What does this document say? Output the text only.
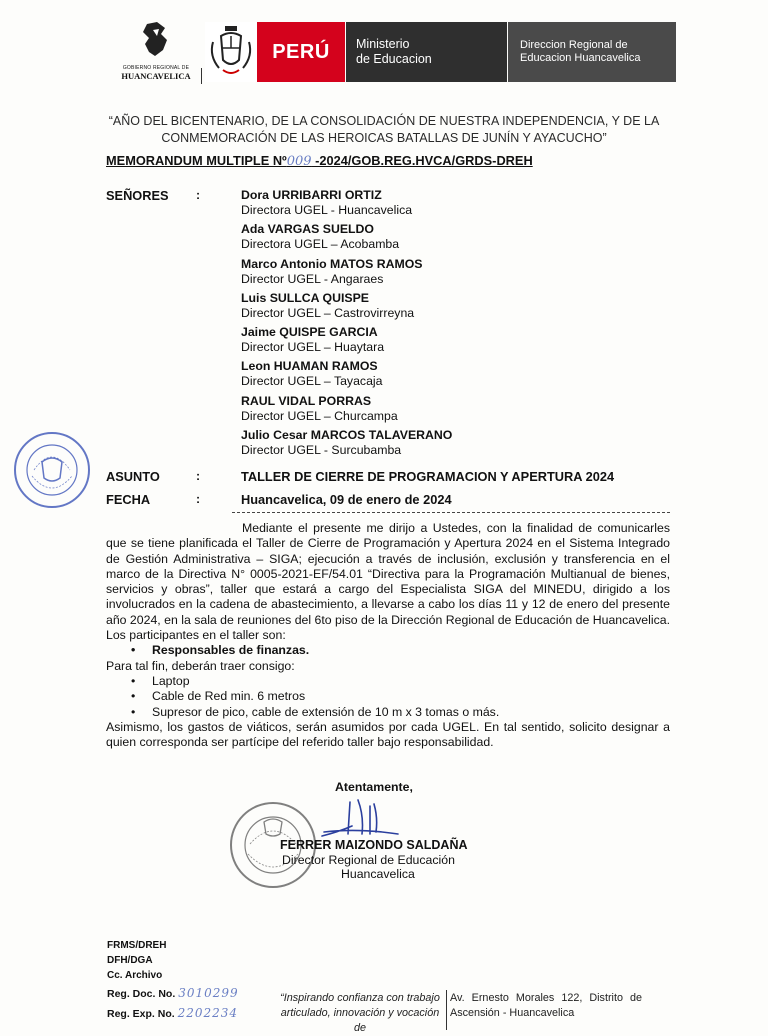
GOBIERNO REGIONAL DE
HUANCAVELICA
PERÚ	Ministerio
de Educacion
Direccion Regional de
Educacion Huancavelica
“AÑO DEL BICENTENARIO, DE LA CONSOLIDACIÓN DE NUESTRA INDEPENDENCIA, Y DE LA
CONMEMORACIÓN DE LAS HEROICAS BATALLAS DE JUNÍN Y AYACUCHO”
MEMORANDUM MULTIPLE Nº009 -2024/GOB.REG.HVCA/GRDS-DREH
SEÑORES :	Dora URRIBARRI ORTIZ
Directora UGEL - Huancavelica
Ada VARGAS SUELDO
Directora UGEL – Acobamba
Marco Antonio MATOS RAMOS
Director UGEL - Angaraes
Luis SULLCA QUISPE
Director UGEL – Castrovirreyna
Jaime QUISPE GARCIA
Director UGEL – Huaytara
Leon HUAMAN RAMOS
Director UGEL – Tayacaja
RAUL VIDAL PORRAS
Director UGEL – Churcampa
Julio Cesar MARCOS TALAVERANO
Director UGEL - Surcubamba
ASUNTO	:	TALLER DE CIERRE DE PROGRAMACION Y APERTURA 2024
FECHA	:	Huancavelica, 09 de enero de 2024
Mediante el presente me dirijo a Ustedes, con la finalidad de comunicarles que se tiene planificada el Taller de Cierre de Programación y Apertura 2024 en el Sistema Integrado de Gestión Administrativa – SIGA; ejecución a través de inclusión, exclusión y transferencia en el marco de la Directiva N° 0005-2021-EF/54.01 “Directiva para la Programación Multianual de bienes, servicios y obras”, taller que estará a cargo del Especialista SIGA del MINEDU, dirigido a los involucrados en la cadena de abastecimiento, a llevarse a cabo los días 11 y 12 de enero del presente año 2024, en la sala de reuniones del 6to piso de la Dirección Regional de Educación de Huancavelica.
Los participantes en el taller son:
• Responsables de finanzas.
Para tal fin, deberán traer consigo:
• Laptop
• Cable de Red min. 6 metros
• Supresor de pico, cable de extensión de 10 m x 3 tomas o más.
Asimismo, los gastos de viáticos, serán asumidos por cada UGEL. En tal sentido, solicito designar a quien corresponda ser partícipe del referido taller bajo responsabilidad.
Atentamente,
FERRER MAIZONDO SALDAÑA
Director Regional de Educación
Huancavelica
FRMS/DREH
DFH/DGA
Cc. Archivo
Reg. Doc. No. 3010299
Reg. Exp. No. 2202234
“Inspirando confianza con trabajo
articulado, innovación y vocación de
Av. Ernesto Morales 122, Distrito de
Ascensión - Huancavelica
